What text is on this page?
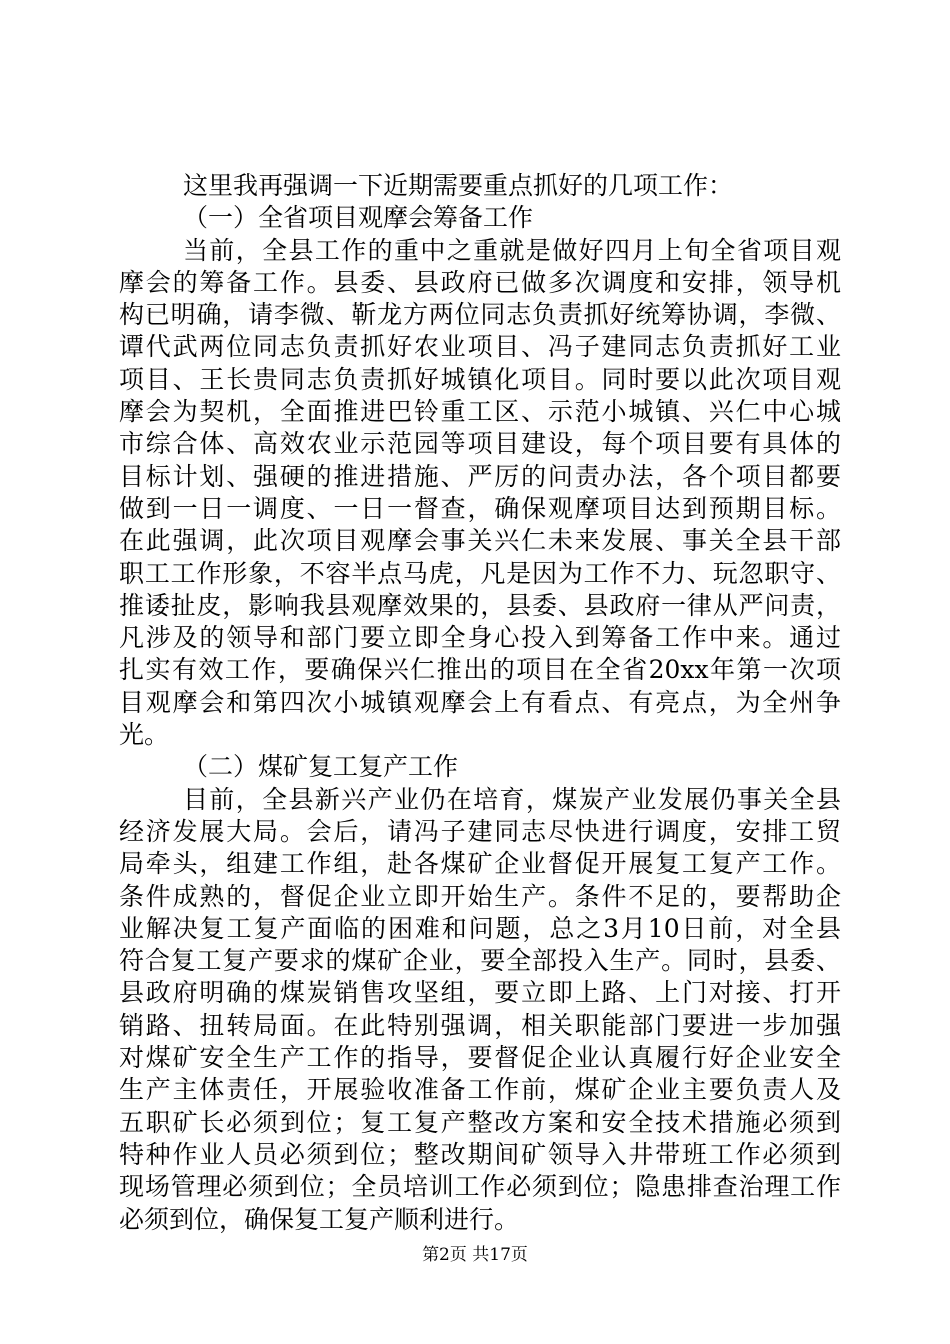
这里我再强调一下近期需要重点抓好的几项工作：
（一）全省项目观摩会筹备工作
当前，全县工作的重中之重就是做好四月上旬全省项目观
摩会的筹备工作。县委、县政府已做多次调度和安排，领导机
构已明确，请李微、靳龙方两位同志负责抓好统筹协调，李微、
谭代武两位同志负责抓好农业项目、冯子建同志负责抓好工业
项目、王长贵同志负责抓好城镇化项目。同时要以此次项目观
摩会为契机，全面推进巴铃重工区、示范小城镇、兴仁中心城
市综合体、高效农业示范园等项目建设，每个项目要有具体的
目标计划、强硬的推进措施、严厉的问责办法，各个项目都要
做到一日一调度、一日一督查，确保观摩项目达到预期目标。
在此强调，此次项目观摩会事关兴仁未来发展、事关全县干部
职工工作形象，不容半点马虎，凡是因为工作不力、玩忽职守、
推诿扯皮，影响我县观摩效果的，县委、县政府一律从严问责，
凡涉及的领导和部门要立即全身心投入到筹备工作中来。通过
扎实有效工作，要确保兴仁推出的项目在全省20xx年第一次项
目观摩会和第四次小城镇观摩会上有看点、有亮点，为全州争
光。
（二）煤矿复工复产工作
目前，全县新兴产业仍在培育，煤炭产业发展仍事关全县
经济发展大局。会后，请冯子建同志尽快进行调度，安排工贸
局牵头，组建工作组，赴各煤矿企业督促开展复工复产工作。
条件成熟的，督促企业立即开始生产。条件不足的，要帮助企
业解决复工复产面临的困难和问题，总之3月10日前，对全县
符合复工复产要求的煤矿企业，要全部投入生产。同时，县委、
县政府明确的煤炭销售攻坚组，要立即上路、上门对接、打开
销路、扭转局面。在此特别强调，相关职能部门要进一步加强
对煤矿安全生产工作的指导，要督促企业认真履行好企业安全
生产主体责任，开展验收准备工作前，煤矿企业主要负责人及
五职矿长必须到位；复工复产整改方案和安全技术措施必须到
特种作业人员必须到位；整改期间矿领导入井带班工作必须到
现场管理必须到位；全员培训工作必须到位；隐患排查治理工作
必须到位，确保复工复产顺利进行。
第2页 共17页
